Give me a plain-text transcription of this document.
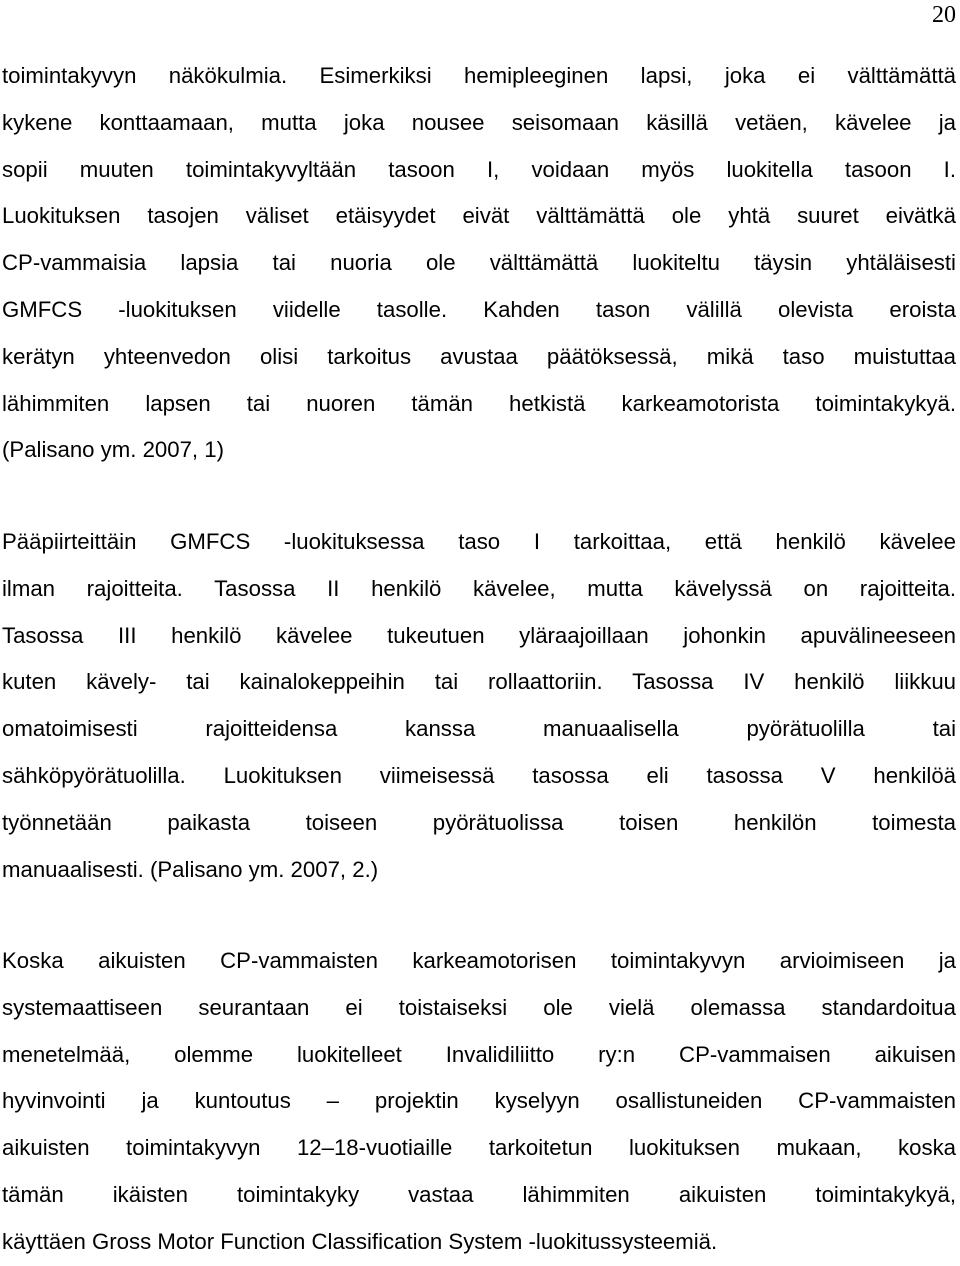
20
toimintakyvyn näkökulmia. Esimerkiksi hemipleeginen lapsi, joka ei välttämättä
kykene konttaamaan, mutta joka nousee seisomaan käsillä vetäen, kävelee ja
sopii muuten toimintakyvyltään tasoon I, voidaan myös luokitella tasoon I.
Luokituksen tasojen väliset etäisyydet eivät välttämättä ole yhtä suuret eivätkä
CP-vammaisia lapsia tai nuoria ole välttämättä luokiteltu täysin yhtäläisesti
GMFCS -luokituksen viidelle tasolle. Kahden tason välillä olevista eroista
kerätyn yhteenvedon olisi tarkoitus avustaa päätöksessä, mikä taso muistuttaa
lähimmiten lapsen tai nuoren tämän hetkistä karkeamotorista toimintakykyä.
(Palisano ym. 2007, 1)
Pääpiirteittäin GMFCS -luokituksessa taso I tarkoittaa, että henkilö kävelee
ilman rajoitteita. Tasossa II henkilö kävelee, mutta kävelyssä on rajoitteita.
Tasossa III henkilö kävelee tukeutuen yläraajoillaan johonkin apuvälineeseen
kuten kävely- tai kainalokeppeihin tai rollaattoriin. Tasossa IV henkilö liikkuu
omatoimisesti rajoitteidensa kanssa manuaalisella pyörätuolilla tai
sähköpyörätuolilla. Luokituksen viimeisessä tasossa eli tasossa V henkilöä
työnnetään paikasta toiseen pyörätuolissa toisen henkilön toimesta
manuaalisesti. (Palisano ym. 2007, 2.)
Koska aikuisten CP-vammaisten karkeamotorisen toimintakyvyn arvioimiseen ja
systemaattiseen seurantaan ei toistaiseksi ole vielä olemassa standardoitua
menetelmää, olemme luokitelleet Invalidiliitto ry:n CP-vammaisen aikuisen
hyvinvointi ja kuntoutus – projektin kyselyyn osallistuneiden CP-vammaisten
aikuisten toimintakyvyn 12–18-vuotiaille tarkoitetun luokituksen mukaan, koska
tämän ikäisten toimintakyky vastaa lähimmiten aikuisten toimintakykyä,
käyttäen Gross Motor Function Classification System -luokitussysteemiä.
